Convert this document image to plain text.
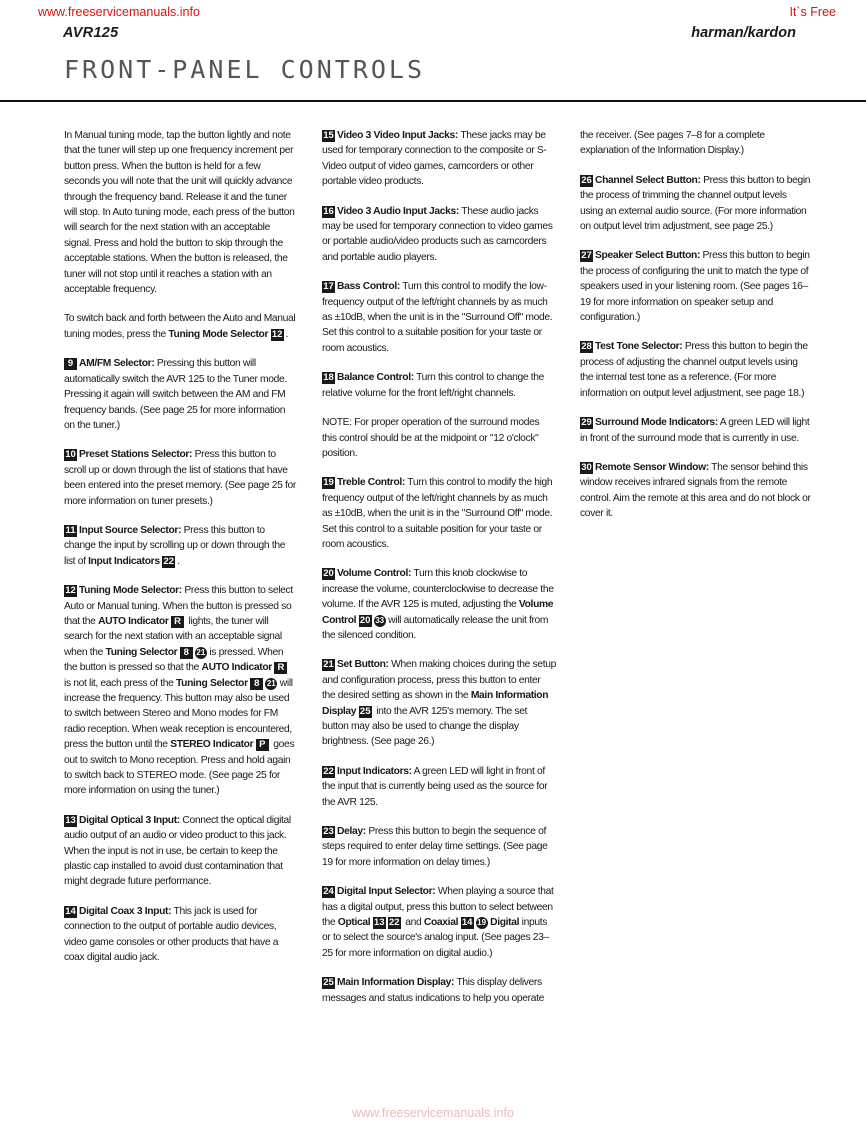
www.freeservicemanuals.info	It`s Free
AVR125	harman/kardon
FRONT-PANEL CONTROLS

In Manual tuning mode, tap the button lightly and note that the tuner will step up one frequency increment per button press. When the button is held for a few seconds you will note that the unit will quickly advance through the frequency band. Release it and the tuner will stop. In Auto tuning mode, each press of the button will search for the next station with an acceptable signal. Press and hold the button to skip through the acceptable stations. When the button is released, the tuner will not stop until it reaches a station with an acceptable frequency.

To switch back and forth between the Auto and Manual tuning modes, press the Tuning Mode Selector 12 .

9 AM/FM Selector: Pressing this button will automatically switch the AVR 125 to the Tuner mode. Pressing it again will switch between the AM and FM frequency bands. (See page 25 for more information on the tuner.)

10 Preset Stations Selector: Press this button to scroll up or down through the list of stations that have been entered into the preset memory. (See page 25 for more information on tuner presets.)

11 Input Source Selector: Press this button to change the input by scrolling up or down through the list of Input Indicators 22 .

12 Tuning Mode Selector: Press this button to select Auto or Manual tuning. When the button is pressed so that the AUTO Indicator R lights, the tuner will search for the next station with an acceptable signal when the Tuning Selector 8 21 is pressed. When the button is pressed so that the AUTO Indicator R is not lit, each press of the Tuning Selector 8 21 will increase the frequency. This button may also be used to switch between Stereo and Mono modes for FM radio reception. When weak reception is encountered, press the button until the STEREO Indicator P goes out to switch to Mono reception. Press and hold again to switch back to STEREO mode. (See page 25 for more information on using the tuner.)

13 Digital Optical 3 Input: Connect the optical digital audio output of an audio or video product to this jack. When the input is not in use, be certain to keep the plastic cap installed to avoid dust contamination that might degrade future performance.

14 Digital Coax 3 Input: This jack is used for connection to the output of portable audio devices, video game consoles or other products that have a coax digital audio jack.

15 Video 3 Video Input Jacks: These jacks may be used for temporary connection to the composite or S-Video output of video games, camcorders or other portable video products.

16 Video 3 Audio Input Jacks: These audio jacks may be used for temporary connection to video games or portable audio/video products such as camcorders and portable audio players.

17 Bass Control: Turn this control to modify the low-frequency output of the left/right channels by as much as ±10dB, when the unit is in the "Surround Off" mode. Set this control to a suitable position for your taste or room acoustics.

18 Balance Control: Turn this control to change the relative volume for the front left/right channels.

NOTE: For proper operation of the surround modes this control should be at the midpoint or "12 o'clock" position.

19 Treble Control: Turn this control to modify the high frequency output of the left/right channels by as much as ±10dB, when the unit is in the "Surround Off" mode. Set this control to a suitable position for your taste or room acoustics.

20 Volume Control: Turn this knob clockwise to increase the volume, counterclockwise to decrease the volume. If the AVR 125 is muted, adjusting the Volume Control 20 33 will automatically release the unit from the silenced condition.

21 Set Button: When making choices during the setup and configuration process, press this button to enter the desired setting as shown in the Main Information Display 25 into the AVR 125's memory. The set button may also be used to change the display brightness. (See page 26.)

22 Input Indicators: A green LED will light in front of the input that is currently being used as the source for the AVR 125.

23 Delay: Press this button to begin the sequence of steps required to enter delay time settings. (See page 19 for more information on delay times.)

24 Digital Input Selector: When playing a source that has a digital output, press this button to select between the Optical 13 22 and Coaxial 14 19 Digital inputs or to select the source's analog input. (See pages 23–25 for more information on digital audio.)

25 Main Information Display: This display delivers messages and status indications to help you operate

the receiver. (See pages 7–8 for a complete explanation of the Information Display.)

26 Channel Select Button: Press this button to begin the process of trimming the channel output levels using an external audio source. (For more information on output level trim adjustment, see page 25.)

27 Speaker Select Button: Press this button to begin the process of configuring the unit to match the type of speakers used in your listening room. (See pages 16–19 for more information on speaker setup and configuration.)

28 Test Tone Selector: Press this button to begin the process of adjusting the channel output levels using the internal test tone as a reference. (For more information on output level adjustment, see page 18.)

29 Surround Mode Indicators: A green LED will light in front of the surround mode that is currently in use.

30 Remote Sensor Window: The sensor behind this window receives infrared signals from the remote control. Aim the remote at this area and do not block or cover it.

www.freeservicemanuals.info
